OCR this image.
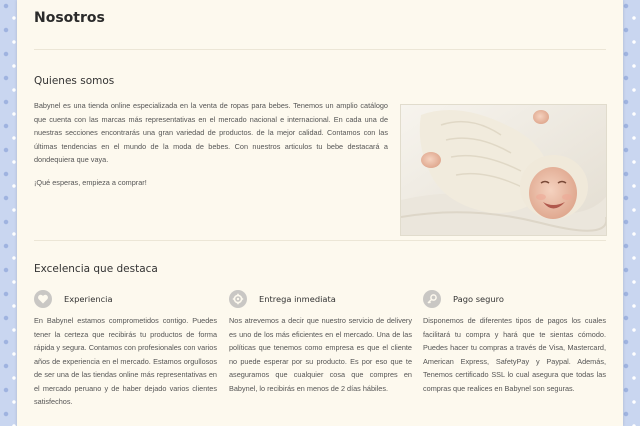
Nosotros
Quienes somos

Babynel es una tienda online especializada en la venta de ropas para bebes. Tenemos un amplio catálogo que cuenta con las marcas más representativas en el mercado nacional e internacional. En cada una de nuestras secciones encontrarás una gran variedad de productos. de la mejor calidad. Contamos con las últimas tendencias en el mundo de la moda de bebes. Con nuestros articulos tu bebe destacará a dondequiera que vaya.

¡Qué esperas, empieza a comprar!

Excelencia que destaca
Experiencia

En Babynel estamos comprometidos contigo. Puedes tener la certeza que recibirás tu productos de forma rápida y segura. Contamos con profesionales con varios años de experiencia en el mercado. Estamos orgullosos de ser una de las tiendas online más representativas en el mercado peruano y de haber dejado varios clientes satisfechos.

Entrega inmediata

Nos atrevemos a decir que nuestro servicio de delivery es uno de los más eficientes en el mercado. Una de las políticas que tenemos como empresa es que el cliente no puede esperar por su producto. Es por eso que te aseguramos que cualquier cosa que compres en Babynel, lo recibirás en menos de 2 días hábiles.

Pago seguro

Disponemos de diferentes tipos de pagos los cuales facilitará tu compra y hará que te sientas cómodo. Puedes hacer tu compras a través de Visa, Mastercard, American Express, SafetyPay y Paypal. Además, Tenemos certificado SSL lo cual asegura que todas las compras que realices en Babynel son seguras.
